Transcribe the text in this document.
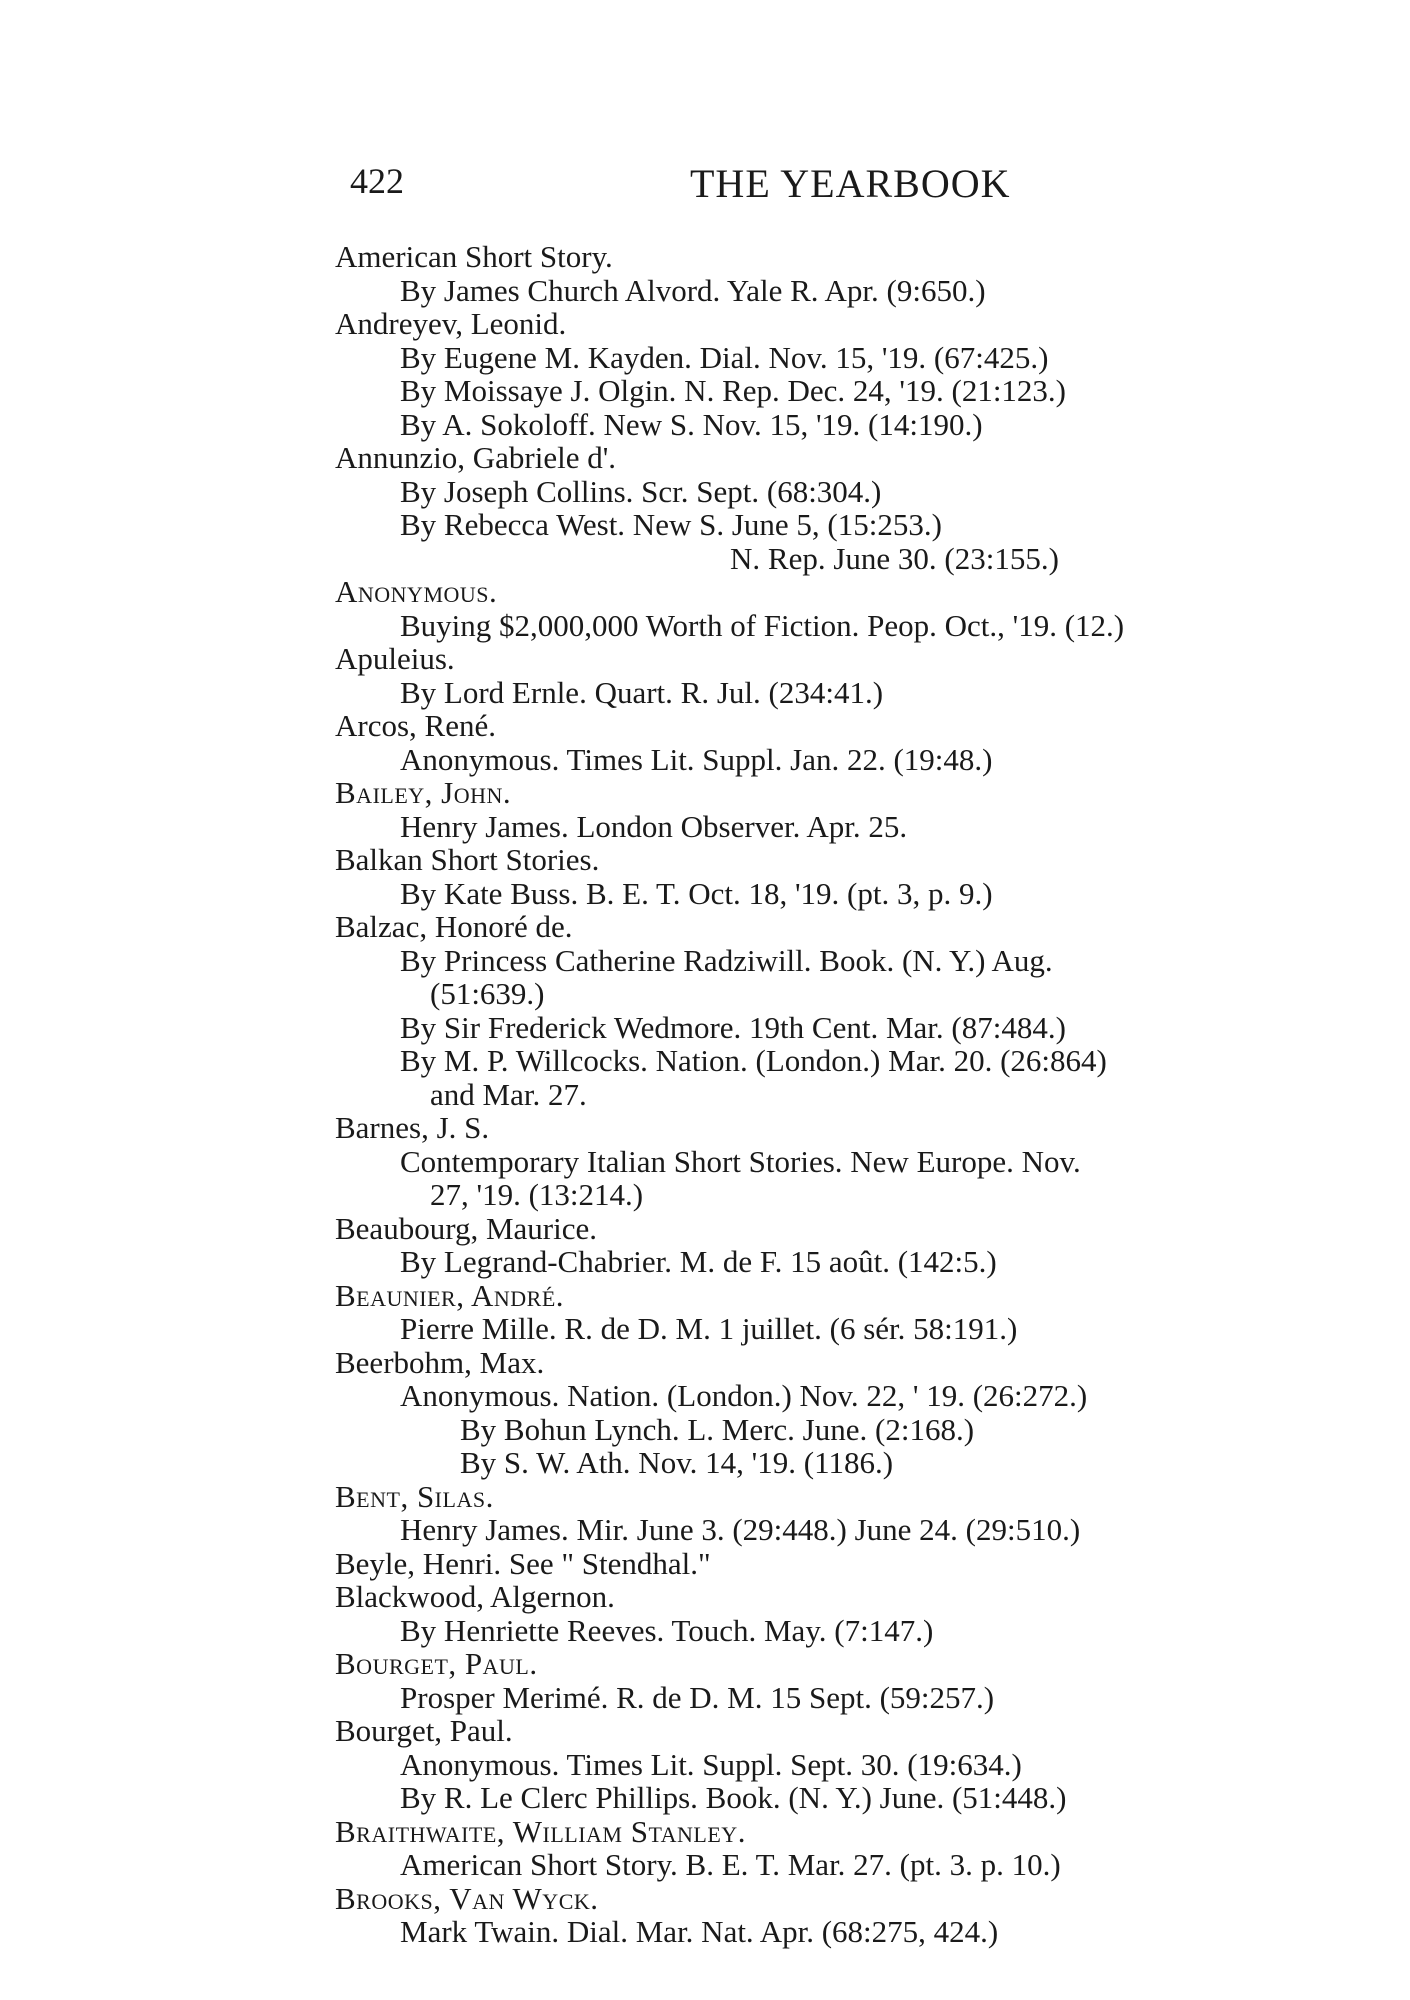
422	THE YEARBOOK
American Short Story.
By James Church Alvord. Yale R. Apr. (9:650.)
Andreyev, Leonid.
By Eugene M. Kayden. Dial. Nov. 15, '19. (67:425.)
By Moissaye J. Olgin. N. Rep. Dec. 24, '19. (21:123.)
By A. Sokoloff. New S. Nov. 15, '19. (14:190.)
Annunzio, Gabriele d'.
By Joseph Collins. Scr. Sept. (68:304.)
By Rebecca West. New S. June 5, (15:253.)
N. Rep. June 30. (23:155.)
Anonymous.
Buying $2,000,000 Worth of Fiction. Peop. Oct., '19. (12.)
Apuleius.
By Lord Ernle. Quart. R. Jul. (234:41.)
Arcos, René.
Anonymous. Times Lit. Suppl. Jan. 22. (19:48.)
Bailey, John.
Henry James. London Observer. Apr. 25.
Balkan Short Stories.
By Kate Buss. B. E. T. Oct. 18, '19. (pt. 3, p. 9.)
Balzac, Honoré de.
By Princess Catherine Radziwill. Book. (N. Y.) Aug.
(51:639.)
By Sir Frederick Wedmore. 19th Cent. Mar. (87:484.)
By M. P. Willcocks. Nation. (London.) Mar. 20. (26:864)
and Mar. 27.
Barnes, J. S.
Contemporary Italian Short Stories. New Europe. Nov.
27, '19. (13:214.)
Beaubourg, Maurice.
By Legrand-Chabrier. M. de F. 15 août. (142:5.)
Beaunier, André.
Pierre Mille. R. de D. M. 1 juillet. (6 sér. 58:191.)
Beerbohm, Max.
Anonymous. Nation. (London.) Nov. 22, ' 19. (26:272.)
By Bohun Lynch. L. Merc. June. (2:168.)
By S. W. Ath. Nov. 14, '19. (1186.)
Bent, Silas.
Henry James. Mir. June 3. (29:448.) June 24. (29:510.)
Beyle, Henri. See " Stendhal."
Blackwood, Algernon.
By Henriette Reeves. Touch. May. (7:147.)
Bourget, Paul.
Prosper Merimé. R. de D. M. 15 Sept. (59:257.)
Bourget, Paul.
Anonymous. Times Lit. Suppl. Sept. 30. (19:634.)
By R. Le Clerc Phillips. Book. (N. Y.) June. (51:448.)
Braithwaite, William Stanley.
American Short Story. B. E. T. Mar. 27. (pt. 3. p. 10.)
Brooks, Van Wyck.
Mark Twain. Dial. Mar. Nat. Apr. (68:275, 424.)
